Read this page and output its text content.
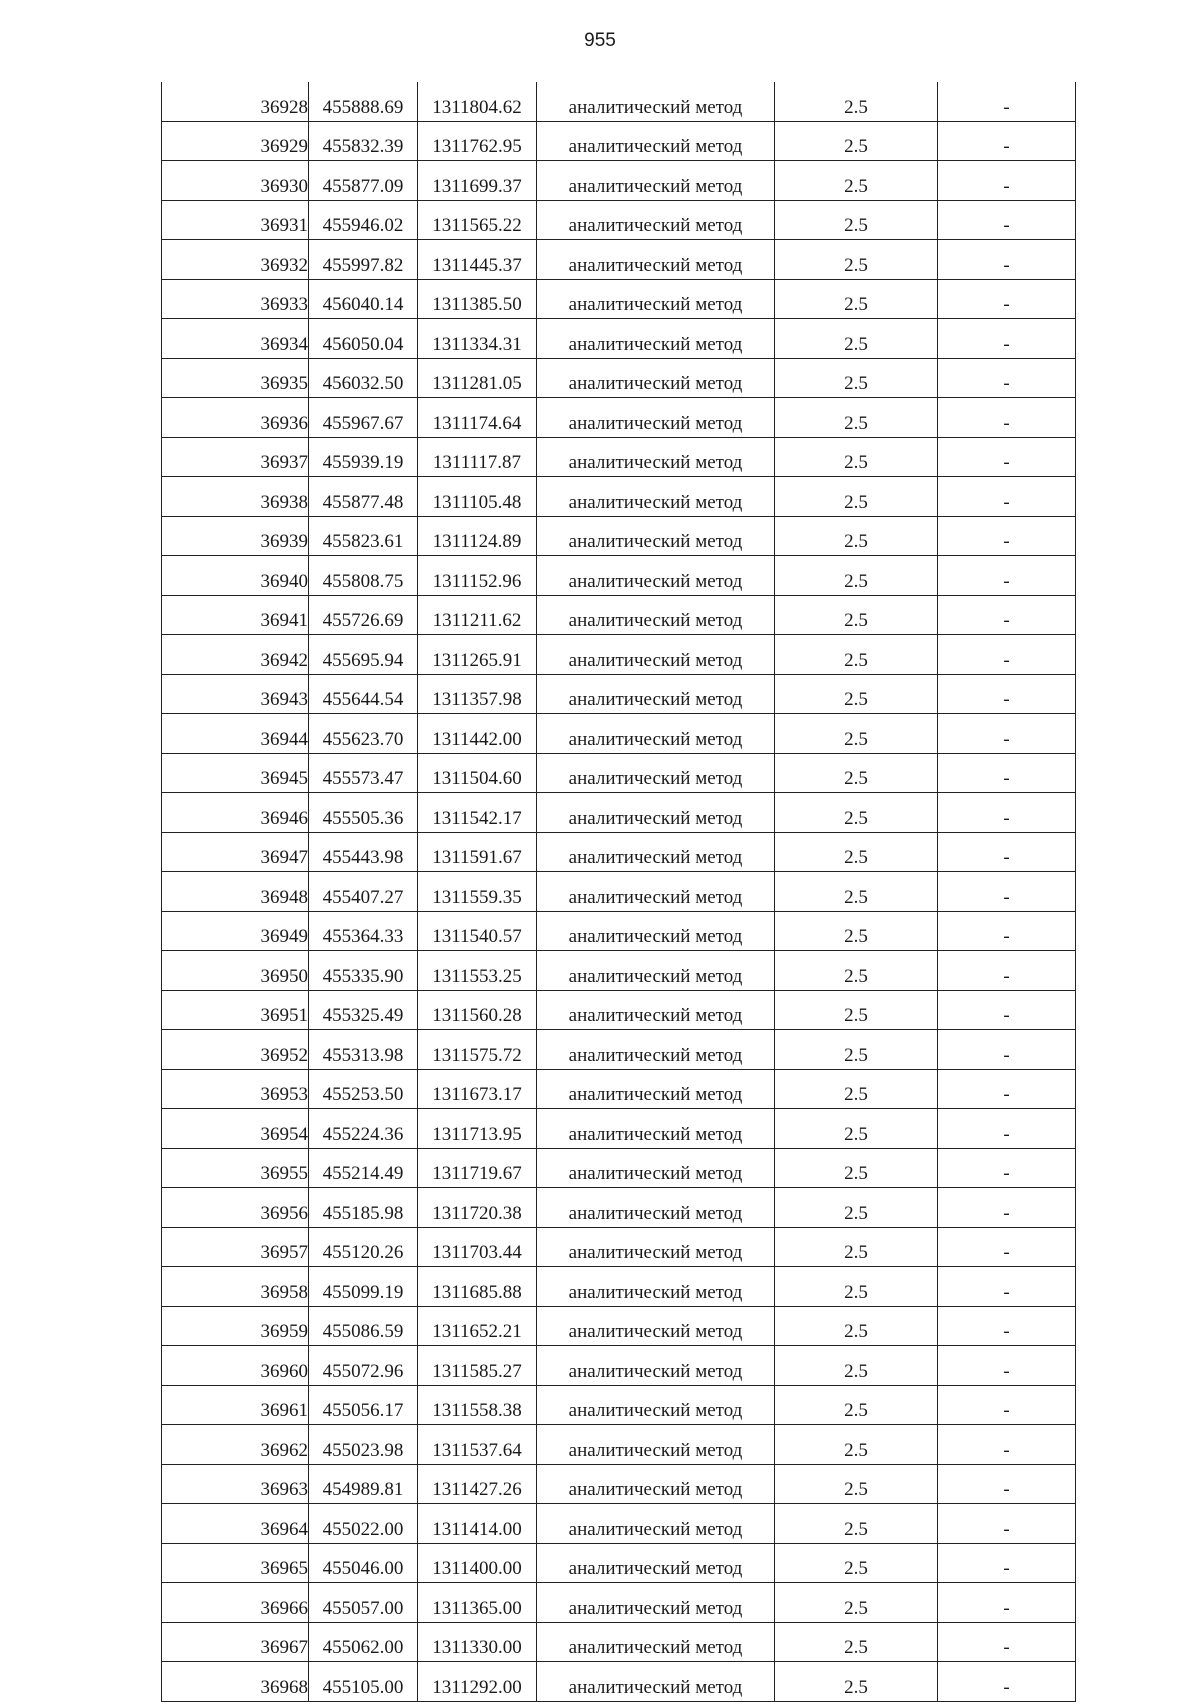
955
36928	455888.69	1311804.62	аналитический метод	2.5	-
36929	455832.39	1311762.95	аналитический метод	2.5	-
36930	455877.09	1311699.37	аналитический метод	2.5	-
36931	455946.02	1311565.22	аналитический метод	2.5	-
36932	455997.82	1311445.37	аналитический метод	2.5	-
36933	456040.14	1311385.50	аналитический метод	2.5	-
36934	456050.04	1311334.31	аналитический метод	2.5	-
36935	456032.50	1311281.05	аналитический метод	2.5	-
36936	455967.67	1311174.64	аналитический метод	2.5	-
36937	455939.19	1311117.87	аналитический метод	2.5	-
36938	455877.48	1311105.48	аналитический метод	2.5	-
36939	455823.61	1311124.89	аналитический метод	2.5	-
36940	455808.75	1311152.96	аналитический метод	2.5	-
36941	455726.69	1311211.62	аналитический метод	2.5	-
36942	455695.94	1311265.91	аналитический метод	2.5	-
36943	455644.54	1311357.98	аналитический метод	2.5	-
36944	455623.70	1311442.00	аналитический метод	2.5	-
36945	455573.47	1311504.60	аналитический метод	2.5	-
36946	455505.36	1311542.17	аналитический метод	2.5	-
36947	455443.98	1311591.67	аналитический метод	2.5	-
36948	455407.27	1311559.35	аналитический метод	2.5	-
36949	455364.33	1311540.57	аналитический метод	2.5	-
36950	455335.90	1311553.25	аналитический метод	2.5	-
36951	455325.49	1311560.28	аналитический метод	2.5	-
36952	455313.98	1311575.72	аналитический метод	2.5	-
36953	455253.50	1311673.17	аналитический метод	2.5	-
36954	455224.36	1311713.95	аналитический метод	2.5	-
36955	455214.49	1311719.67	аналитический метод	2.5	-
36956	455185.98	1311720.38	аналитический метод	2.5	-
36957	455120.26	1311703.44	аналитический метод	2.5	-
36958	455099.19	1311685.88	аналитический метод	2.5	-
36959	455086.59	1311652.21	аналитический метод	2.5	-
36960	455072.96	1311585.27	аналитический метод	2.5	-
36961	455056.17	1311558.38	аналитический метод	2.5	-
36962	455023.98	1311537.64	аналитический метод	2.5	-
36963	454989.81	1311427.26	аналитический метод	2.5	-
36964	455022.00	1311414.00	аналитический метод	2.5	-
36965	455046.00	1311400.00	аналитический метод	2.5	-
36966	455057.00	1311365.00	аналитический метод	2.5	-
36967	455062.00	1311330.00	аналитический метод	2.5	-
36968	455105.00	1311292.00	аналитический метод	2.5	-
